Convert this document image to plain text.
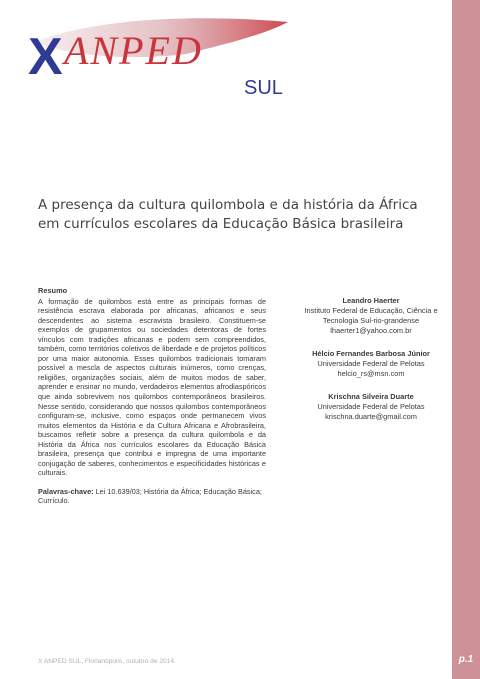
X ANPED
SUL
A presença da cultura quilombola e da história da África em currículos escolares da Educação Básica brasileira
Resumo
A formação de quilombos está entre as principais formas de resistência escrava elaborada por africanas, africanos e seus descendentes ao sistema escravista brasileiro. Constituem-se exemplos de grupamentos ou sociedades detentoras de fortes vínculos com tradições africanas e podem sem compreendidos, também, como territórios coletivos de liberdade e de projetos políticos por uma maior autonomia. Esses quilombos tradicionais tomaram possível a mescla de aspectos culturais inúmeros, como crenças, religiões, organizações sociais, além de muitos modos de saber, aprender e ensinar no mundo, verdadeiros elementos afrodiaspóricos que ainda sobrevivem nos quilombos contemporâneos brasileiros. Nesse sentido, considerando que nossos quilombos contemporâneos configuram-se, inclusive, como espaços onde permanecem vivos muitos elementos da História e da Cultura Africana e Afrobrasileira, buscamos refletir sobre a presença da cultura quilombola e da História da África nos currículos escolares da Educação Básica brasileira, presença que contribui e impregna de uma importante conjugação de saberes, conhecimentos e especificidades históricas e culturais.
Palavras-chave: Lei 10.639/03; História da África; Educação Básica; Currículo.
Leandro Haerter
Instituto Federal de Educação, Ciência e Tecnologia Sul-rio-grandense
lhaerter1@yahoo.com.br
Hélcio Fernandes Barbosa Júnior
Universidade Federal de Pelotas
helcio_rs@msn.com
Krischna Silveira Duarte
Universidade Federal de Pelotas
krischna.duarte@gmail.com
X ANPED SUL, Florianópolis, outubro de 2014.	p.1
